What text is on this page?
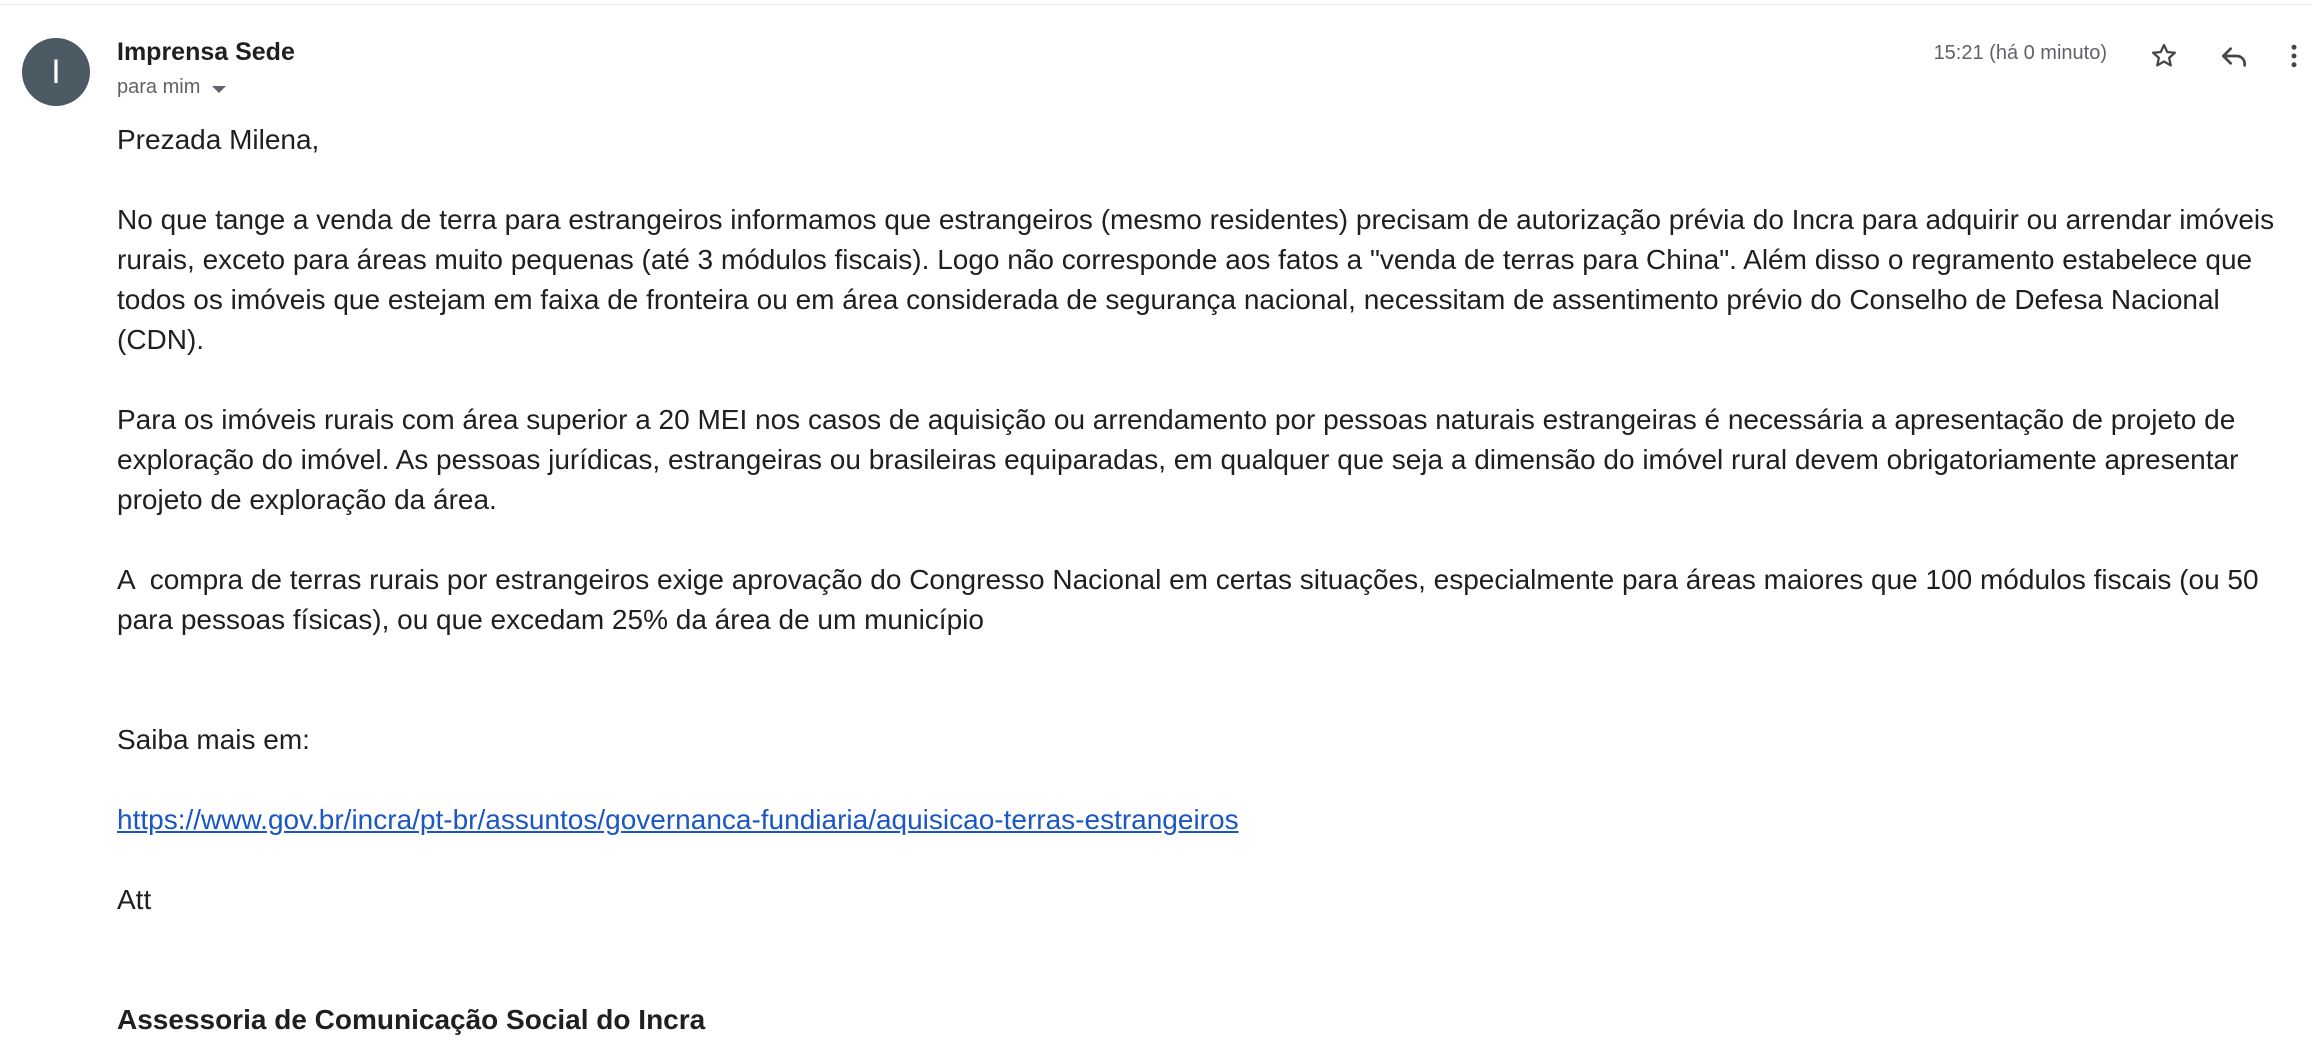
I
Imprensa Sede
para mim
15:21 (há 0 minuto)

Prezada Milena,

No que tange a venda de terra para estrangeiros informamos que estrangeiros (mesmo residentes) precisam de autorização prévia do Incra para adquirir ou arrendar imóveis rurais, exceto para áreas muito pequenas (até 3 módulos fiscais). Logo não corresponde aos fatos a "venda de terras para China". Além disso o regramento estabelece que todos os imóveis que estejam em faixa de fronteira ou em área considerada de segurança nacional, necessitam de assentimento prévio do Conselho de Defesa Nacional (CDN).

Para os imóveis rurais com área superior a 20 MEI nos casos de aquisição ou arrendamento por pessoas naturais estrangeiras é necessária a apresentação de projeto de exploração do imóvel. As pessoas jurídicas, estrangeiras ou brasileiras equiparadas, em qualquer que seja a dimensão do imóvel rural devem obrigatoriamente apresentar projeto de exploração da área.

A  compra de terras rurais por estrangeiros exige aprovação do Congresso Nacional em certas situações, especialmente para áreas maiores que 100 módulos fiscais (ou 50 para pessoas físicas), ou que excedam 25% da área de um município

Saiba mais em:

https://www.gov.br/incra/pt-br/assuntos/governanca-fundiaria/aquisicao-terras-estrangeiros

Att

Assessoria de Comunicação Social do Incra
